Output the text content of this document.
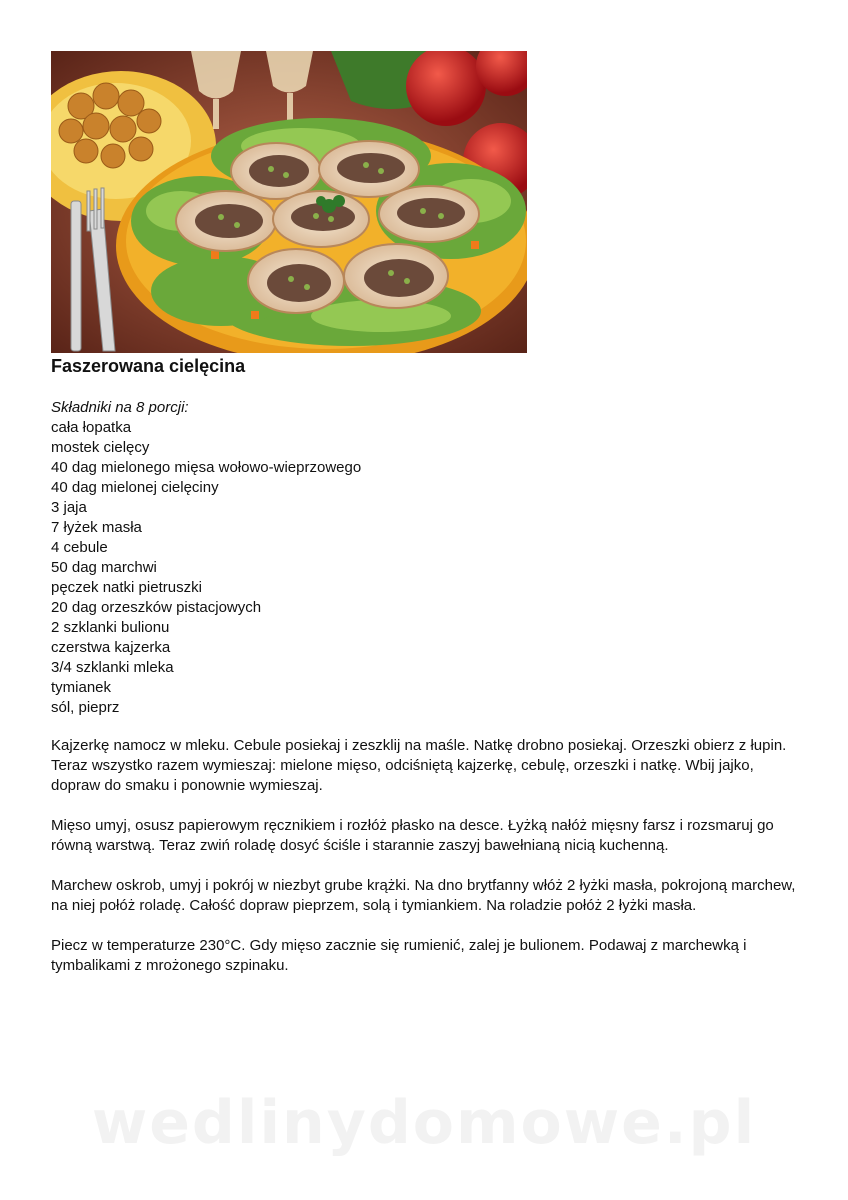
Faszerowana cielęcina

Składniki na 8 porcji:

cała łopatka
mostek cielęcy
40 dag mielonego mięsa wołowo-wieprzowego
40 dag mielonej cielęciny
3 jaja
7 łyżek masła
4 cebule
50 dag marchwi
pęczek natki pietruszki
20 dag orzeszków pistacjowych
2 szklanki bulionu
czerstwa kajzerka
3/4 szklanki mleka
tymianek
sól, pieprz

Kajzerkę namocz w mleku. Cebule posiekaj i zeszklij na maśle. Natkę drobno posiekaj. Orzeszki obierz z łupin. Teraz wszystko razem wymieszaj: mielone mięso, odciśniętą kajzerkę, cebulę, orzeszki i natkę. Wbij jajko, dopraw do smaku i ponownie wymieszaj.

Mięso umyj, osusz papierowym ręcznikiem i rozłóż płasko na desce. Łyżką nałóż mięsny farsz i rozsmaruj go równą warstwą. Teraz zwiń roladę dosyć ściśle i starannie zaszyj bawełnianą nicią kuchenną.

Marchew oskrob, umyj i pokrój w niezbyt grube krążki. Na dno brytfanny włóż 2 łyżki masła, pokrojoną marchew, na niej połóż roladę. Całość dopraw pieprzem, solą i tymiankiem. Na roladzie połóż 2 łyżki masła.

Piecz w temperaturze 230°C. Gdy mięso zacznie się rumienić, zalej je bulionem. Podawaj z marchewką i tymbalikami z mrożonego szpinaku.

wedlinydomowe.pl
